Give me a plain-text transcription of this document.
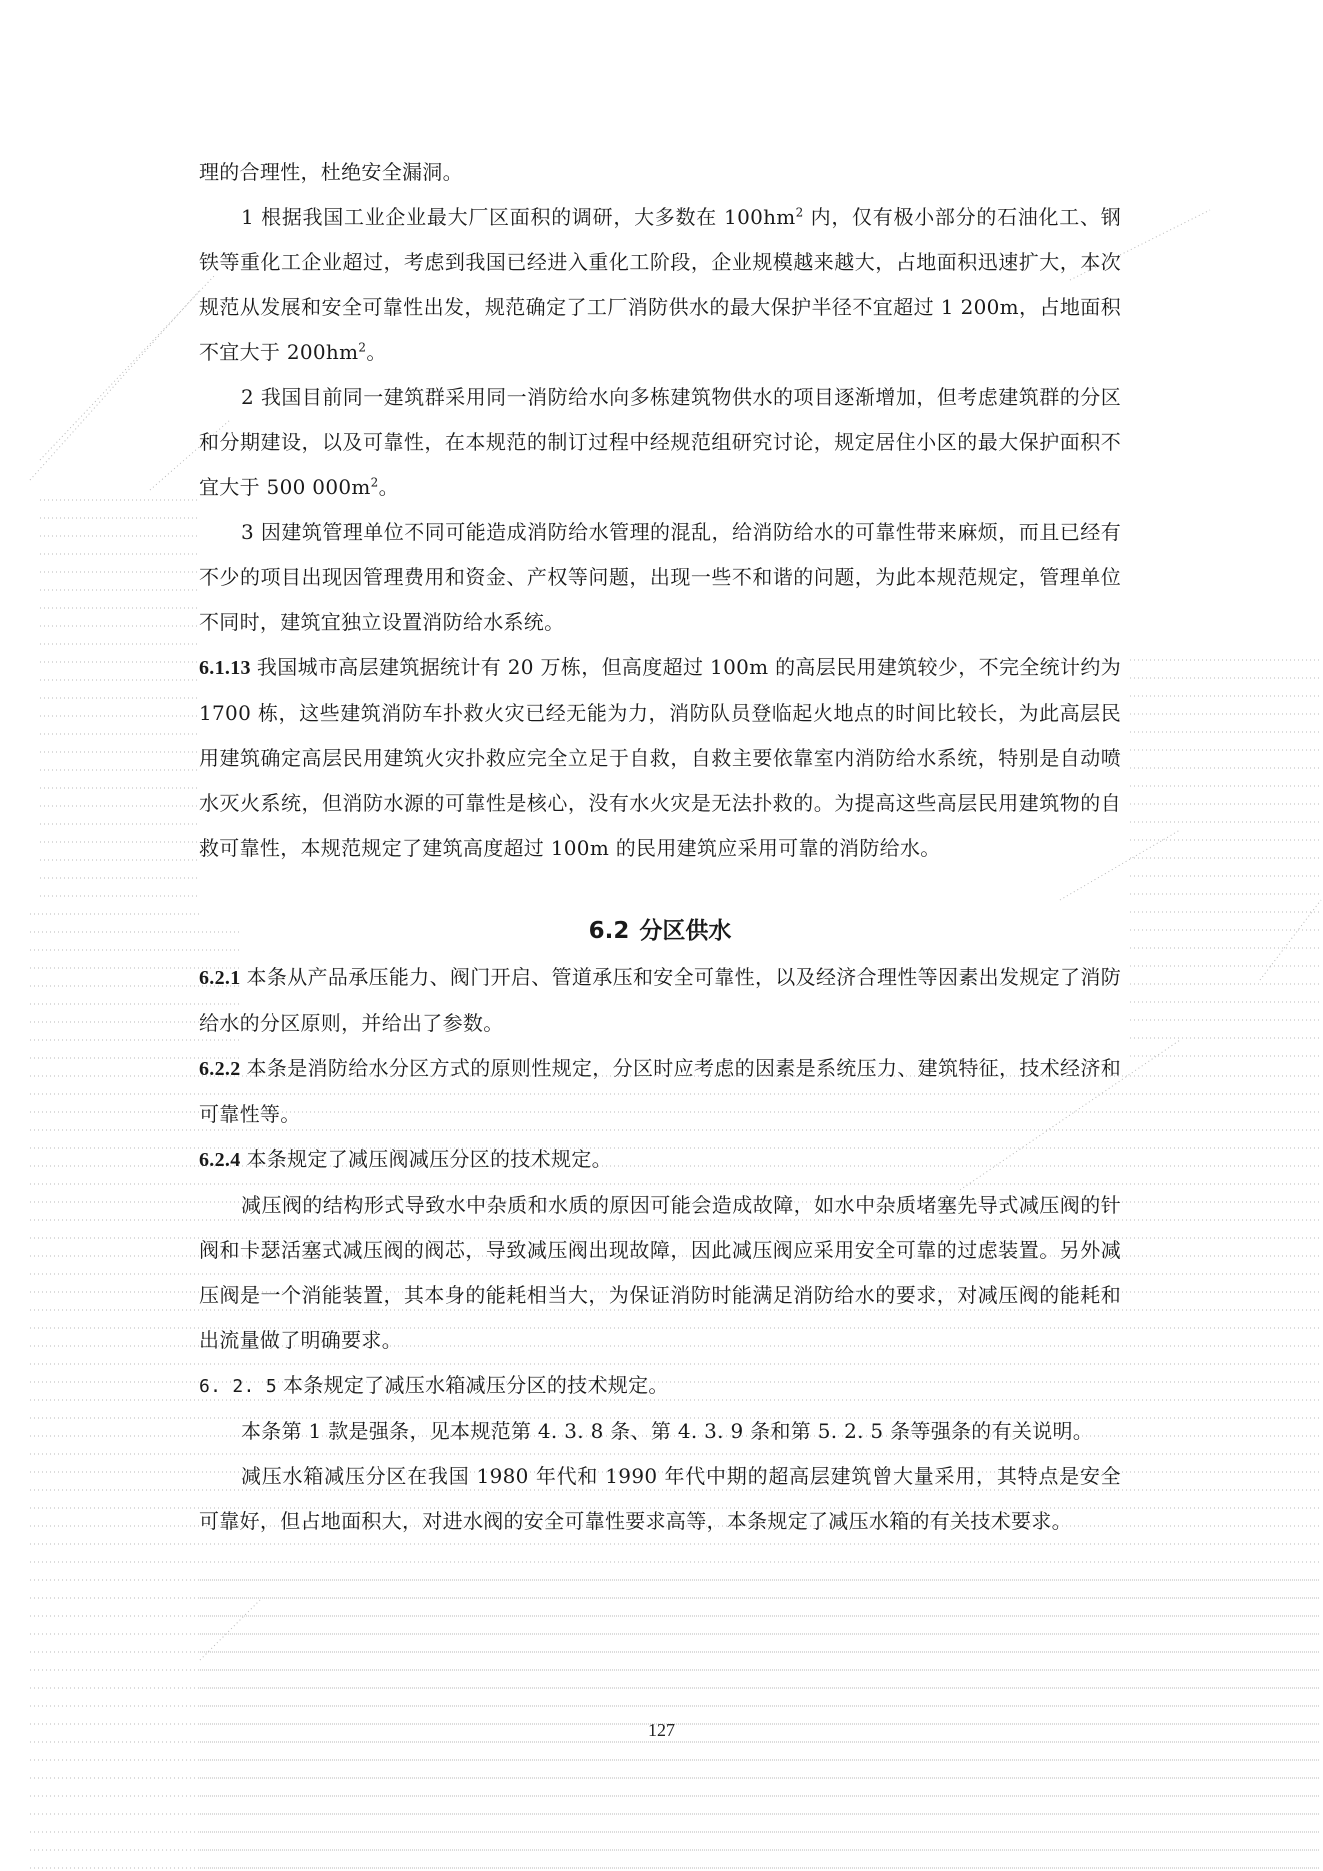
理的合理性，杜绝安全漏洞。

1 根据我国工业企业最大厂区面积的调研，大多数在 $100hm^2$ 内，仅有极小部分的石油化工、钢铁等重化工企业超过，考虑到我国已经进入重化工阶段，企业规模越来越大，占地面积迅速扩大，本次规范从发展和安全可靠性出发，规范确定了工厂消防供水的最大保护半径不宜超过 1 200m，占地面积不宜大于 $200hm^2$。

2 我国目前同一建筑群采用同一消防给水向多栋建筑物供水的项目逐渐增加，但考虑建筑群的分区和分期建设，以及可靠性，在本规范的制订过程中经规范组研究讨论，规定居住小区的最大保护面积不宜大于 500 $000m^2$。

3 因建筑管理单位不同可能造成消防给水管理的混乱，给消防给水的可靠性带来麻烦，而且已经有不少的项目出现因管理费用和资金、产权等问题，出现一些不和谐的问题，为此本规范规定，管理单位不同时，建筑宜独立设置消防给水系统。

6.1.13 我国城市高层建筑据统计有 20 万栋，但高度超过 100m 的高层民用建筑较少，不完全统计约为 1700 栋，这些建筑消防车扑救火灾已经无能为力，消防队员登临起火地点的时间比较长，为此高层民用建筑确定高层民用建筑火灾扑救应完全立足于自救，自救主要依靠室内消防给水系统，特别是自动喷水灭火系统，但消防水源的可靠性是核心，没有水火灾是无法扑救的。为提高这些高层民用建筑物的自救可靠性，本规范规定了建筑高度超过 100m 的民用建筑应采用可靠的消防给水。

6.2 分区供水

6.2.1 本条从产品承压能力、阀门开启、管道承压和安全可靠性，以及经济合理性等因素出发规定了消防给水的分区原则，并给出了参数。

6.2.2 本条是消防给水分区方式的原则性规定，分区时应考虑的因素是系统压力、建筑特征，技术经济和可靠性等。

6.2.4 本条规定了减压阀减压分区的技术规定。

减压阀的结构形式导致水中杂质和水质的原因可能会造成故障，如水中杂质堵塞先导式减压阀的针阀和卡瑟活塞式减压阀的阀芯，导致减压阀出现故障，因此减压阀应采用安全可靠的过虑装置。另外减压阀是一个消能装置，其本身的能耗相当大，为保证消防时能满足消防给水的要求，对减压阀的能耗和出流量做了明确要求。

6. 2. 5 本条规定了减压水箱减压分区的技术规定。

本条第 1 款是强条，见本规范第 4. 3. 8 条、第 4. 3. 9 条和第 5. 2. 5 条等强条的有关说明。

减压水箱减压分区在我国 1980 年代和 1990 年代中期的超高层建筑曾大量采用，其特点是安全可靠好，但占地面积大，对进水阀的安全可靠性要求高等，本条规定了减压水箱的有关技术要求。

127
